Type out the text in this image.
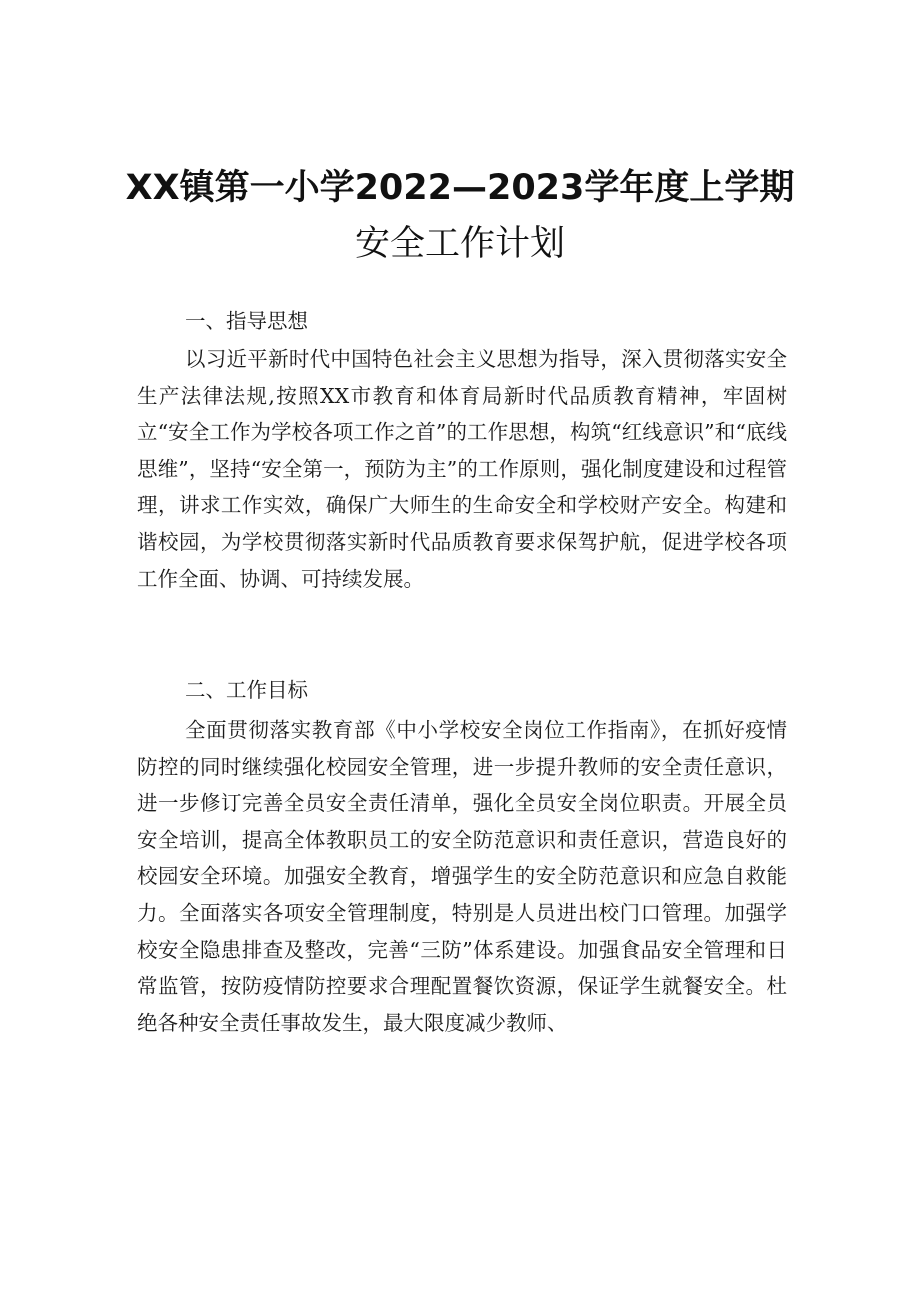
XX镇第一小学2022—2023学年度上学期
安全工作计划

一、指导思想

以习近平新时代中国特色社会主义思想为指导，深入贯彻落实安全生产法律法规,按照XX市教育和体育局新时代品质教育精神，牢固树立“安全工作为学校各项工作之首”的工作思想，构筑“红线意识”和“底线思维”，坚持“安全第一，预防为主”的工作原则，强化制度建设和过程管理，讲求工作实效，确保广大师生的生命安全和学校财产安全。构建和谐校园，为学校贯彻落实新时代品质教育要求保驾护航，促进学校各项工作全面、协调、可持续发展。

二、工作目标

全面贯彻落实教育部《中小学校安全岗位工作指南》，在抓好疫情防控的同时继续强化校园安全管理，进一步提升教师的安全责任意识，进一步修订完善全员安全责任清单，强化全员安全岗位职责。开展全员安全培训，提高全体教职员工的安全防范意识和责任意识，营造良好的校园安全环境。加强安全教育，增强学生的安全防范意识和应急自救能力。全面落实各项安全管理制度，特别是人员进出校门口管理。加强学校安全隐患排查及整改，完善“三防”体系建设。加强食品安全管理和日常监管，按防疫情防控要求合理配置餐饮资源，保证学生就餐安全。杜绝各种安全责任事故发生，最大限度减少教师、
